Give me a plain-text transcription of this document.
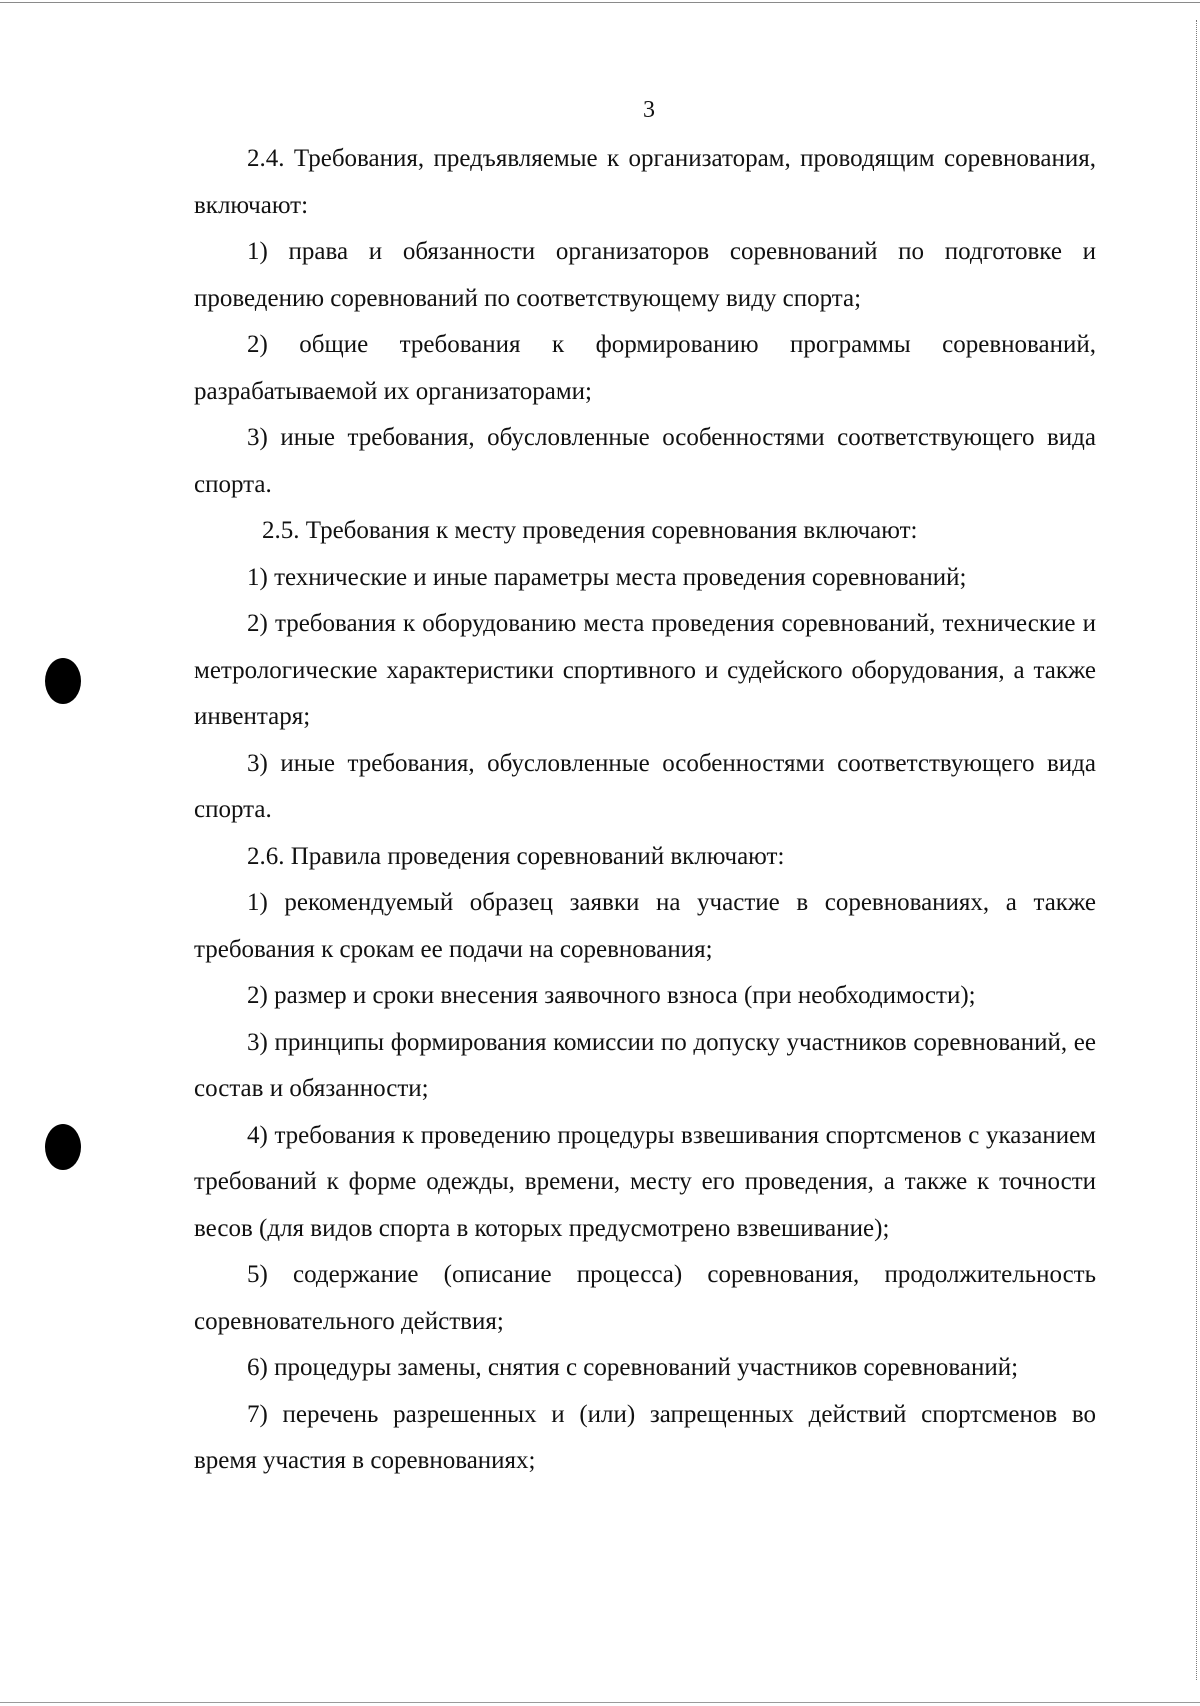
3

2.4. Требования, предъявляемые к организаторам, проводящим соревнования, включают:

1) права и обязанности организаторов соревнований по подготовке и проведению соревнований по соответствующему виду спорта;

2) общие требования к формированию программы соревнований, разрабатываемой их организаторами;

3) иные требования, обусловленные особенностями соответствующего вида спорта.

2.5. Требования к месту проведения соревнования включают:

1) технические и иные параметры места проведения соревнований;

2) требования к оборудованию места проведения соревнований, технические и метрологические характеристики спортивного и судейского оборудования, а также инвентаря;

3) иные требования, обусловленные особенностями соответствующего вида спорта.

2.6. Правила проведения соревнований включают:

1) рекомендуемый образец заявки на участие в соревнованиях, а также требования к срокам ее подачи на соревнования;

2) размер и сроки внесения заявочного взноса (при необходимости);

3) принципы формирования комиссии по допуску участников соревнований, ее состав и обязанности;

4) требования к проведению процедуры взвешивания спортсменов с указанием требований к форме одежды, времени, месту его проведения, а также к точности весов (для видов спорта в которых предусмотрено взвешивание);

5) содержание (описание процесса) соревнования, продолжительность соревновательного действия;

6) процедуры замены, снятия с соревнований участников соревнований;

7) перечень разрешенных и (или) запрещенных действий спортсменов во время участия в соревнованиях;
